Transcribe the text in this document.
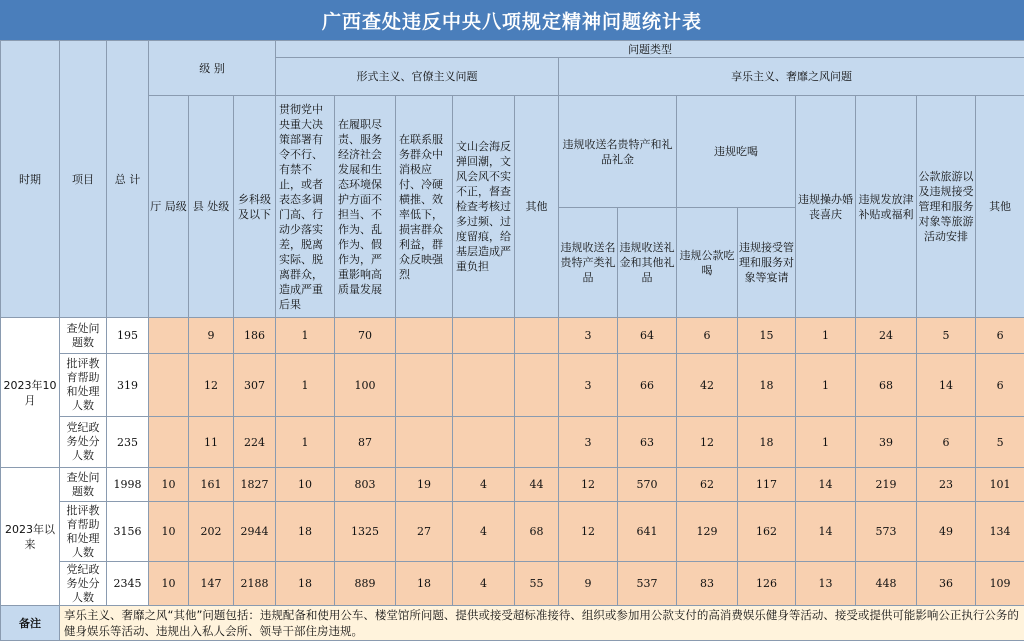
广西查处违反中央八项规定精神问题统计表
时期	项目	总 计	级 别			问题类型												
						形式主义、官僚主义问题					享乐主义、奢靡之风问题							
			厅 局级	县 处级	乡科级及以下	贯彻党中央重大决策部署有令不行、有禁不止，或者表态多调门高、行动少落实差，脱离实际、脱离群众，造成严重后果	在履职尽责、服务经济社会发展和生态环境保护方面不担当、不作为、乱作为、假作为，严重影响高质量发展	在联系服务群众中消极应付、冷硬横推、效率低下，损害群众利益，群众反映强烈	文山会海反弹回潮，文风会风不实不正，督查检查考核过多过频、过度留痕，给基层造成严重负担	其他	违规收送名贵特产和礼品礼金		违规吃喝		违规操办婚丧喜庆	违规发放津补贴或福利	公款旅游以及违规接受管理和服务对象等旅游活动安排	其他

											违规收送名贵特产类礼品	违规收送礼金和其他礼品	违规公款吃喝	违规接受管理和服务对象等宴请				
2023年10月	查处问题数	195		9	186	1	70				3	64	6	15	1	24	5	6
	批评教育帮助和处理人数	319		12	307	1	100				3	66	42	18	1	68	14	6
	党纪政务处分人数	235		11	224	1	87				3	63	12	18	1	39	6	5
2023年以来	查处问题数	1998	10	161	1827	10	803	19	4	44	12	570	62	117	14	219	23	101
	批评教育帮助和处理人数	3156	10	202	2944	18	1325	27	4	68	12	641	129	162	14	573	49	134
	党纪政务处分人数	2345	10	147	2188	18	889	18	4	55	9	537	83	126	13	448	36	109
备注	享乐主义、奢靡之风“其他”问题包括：违规配备和使用公车、楼堂馆所问题、提供或接受超标准接待、组织或参加用公款支付的高消费娱乐健身等活动、接受或提供可能影响公正执行公务的健身娱乐等活动、违规出入私人会所、领导干部住房违规。																	
